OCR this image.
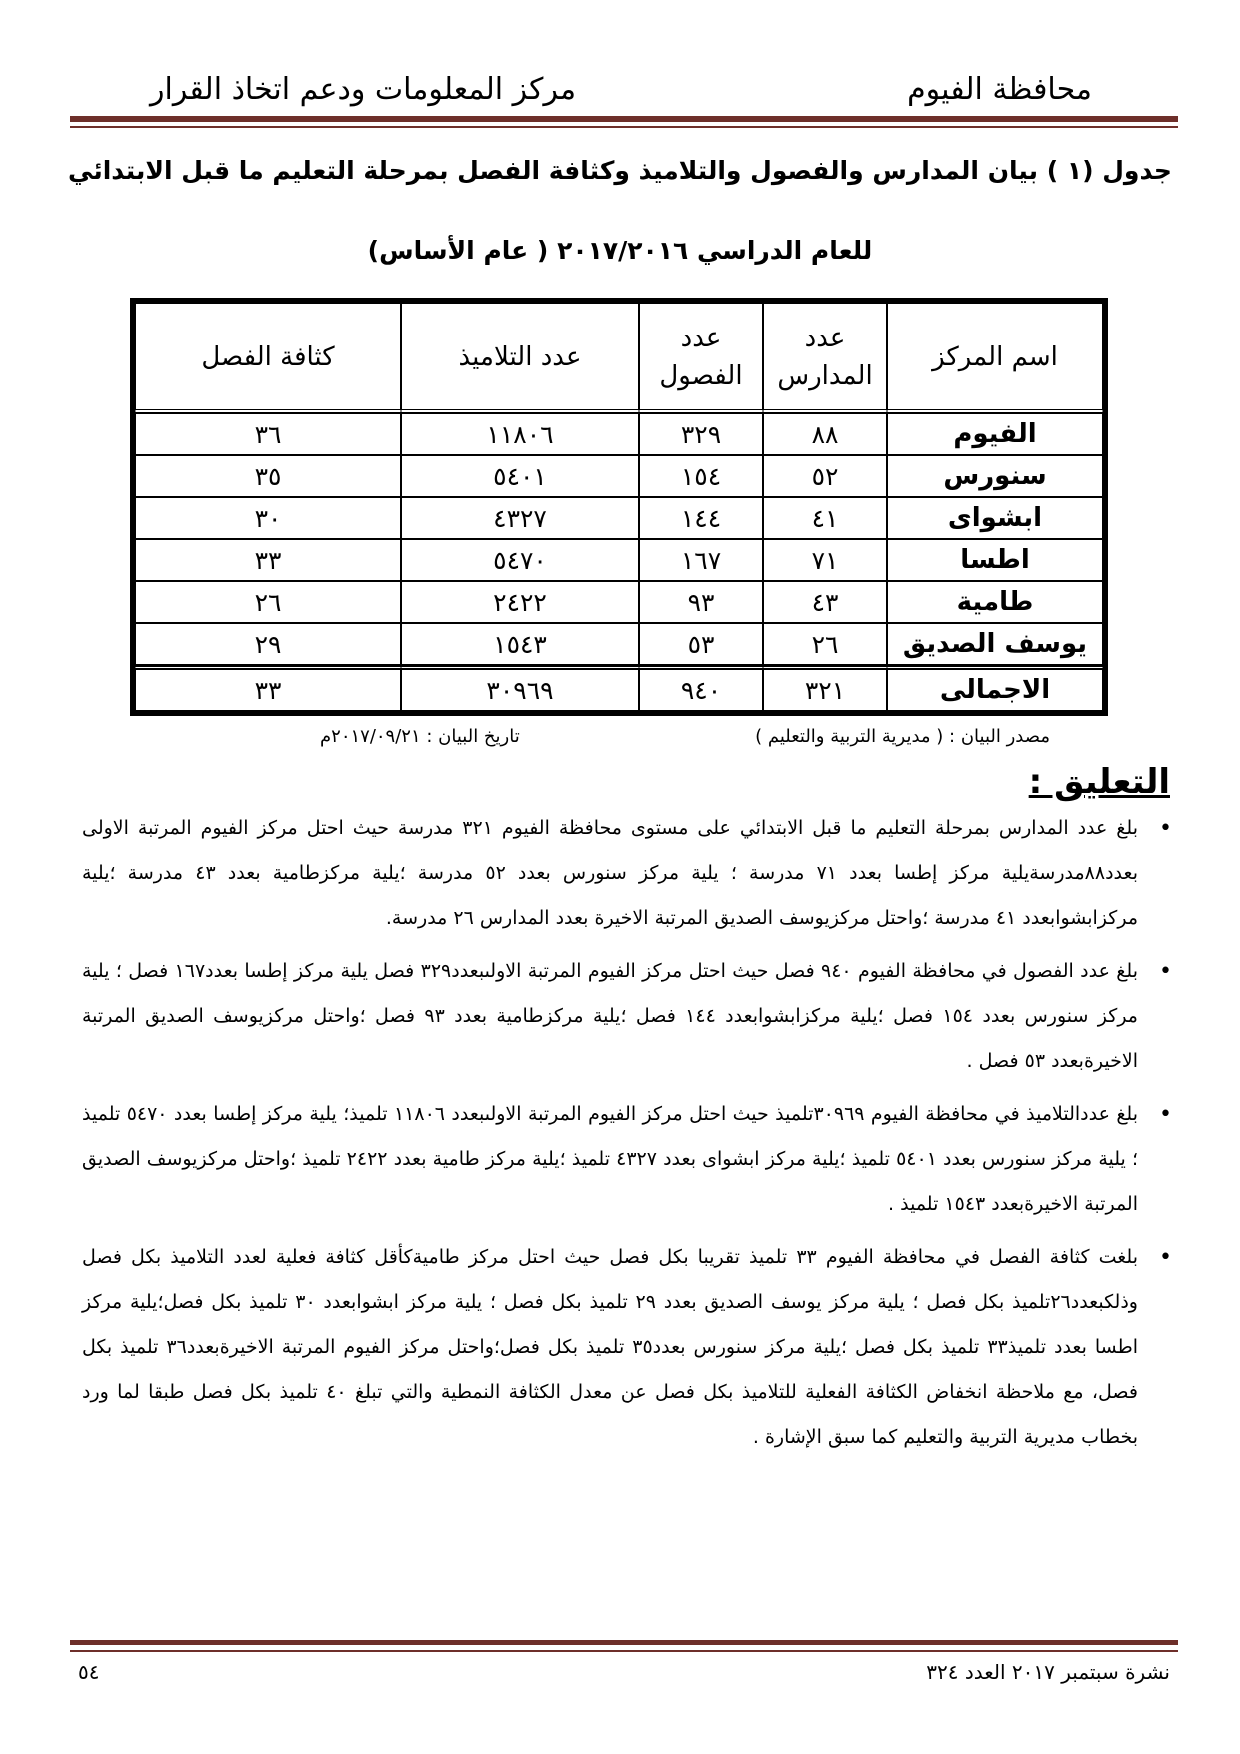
محافظة الفيوم
مركز المعلومات ودعم اتخاذ القرار
جدول (١ ) بيان المدارس والفصول والتلاميذ وكثافة الفصل بمرحلة التعليم ما قبل الابتدائي
للعام الدراسي ٢٠١٧/٢٠١٦ ( عام الأساس)
اسم المركز	عدد المدارس	عدد الفصول	عدد التلاميذ	كثافة الفصل
الفيوم	٨٨	٣٢٩	١١٨٠٦	٣٦
سنورس	٥٢	١٥٤	٥٤٠١	٣٥
ابشواى	٤١	١٤٤	٤٣٢٧	٣٠
اطسا	٧١	١٦٧	٥٤٧٠	٣٣
طامية	٤٣	٩٣	٢٤٢٢	٢٦
يوسف الصديق	٢٦	٥٣	١٥٤٣	٢٩
الاجمالى	٣٢١	٩٤٠	٣٠٩٦٩	٣٣
مصدر البيان : ( مديرية التربية والتعليم )
تاريخ البيان : ٢٠١٧/٠٩/٢١م
التعليق :
• بلغ عدد المدارس بمرحلة التعليم ما قبل الابتدائي على مستوى محافظة الفيوم ٣٢١ مدرسة حيث احتل مركز الفيوم المرتبة الاولى بعدد٨٨مدرسةيلية مركز إطسا بعدد ٧١ مدرسة ؛ يلية مركز سنورس بعدد ٥٢ مدرسة ؛يلية مركزطامية بعدد ٤٣ مدرسة ؛يلية مركزابشوابعدد ٤١ مدرسة ؛واحتل مركزيوسف الصديق المرتبة الاخيرة بعدد المدارس ٢٦ مدرسة.
• بلغ عدد الفصول في محافظة الفيوم ٩٤٠ فصل حيث احتل مركز الفيوم المرتبة الاولىبعدد٣٢٩ فصل يلية مركز إطسا بعدد١٦٧ فصل ؛ يلية مركز سنورس بعدد ١٥٤ فصل ؛يلية مركزابشوابعدد ١٤٤ فصل ؛يلية مركزطامية بعدد ٩٣ فصل ؛واحتل مركزيوسف الصديق المرتبة الاخيرةبعدد ٥٣ فصل .
• بلغ عددالتلاميذ في محافظة الفيوم ٣٠٩٦٩تلميذ حيث احتل مركز الفيوم المرتبة الاولىبعدد ١١٨٠٦ تلميذ؛ يلية مركز إطسا بعدد ٥٤٧٠ تلميذ ؛ يلية مركز سنورس بعدد ٥٤٠١ تلميذ ؛يلية مركز ابشواى بعدد ٤٣٢٧ تلميذ ؛يلية مركز طامية بعدد ٢٤٢٢ تلميذ ؛واحتل مركزيوسف الصديق المرتبة الاخيرةبعدد ١٥٤٣ تلميذ .
• بلغت كثافة الفصل في محافظة الفيوم ٣٣ تلميذ تقريبا بكل فصل حيث احتل مركز طاميةكأقل كثافة فعلية لعدد التلاميذ بكل فصل وذلكبعدد٢٦تلميذ بكل فصل ؛ يلية مركز يوسف الصديق بعدد ٢٩ تلميذ بكل فصل ؛ يلية مركز ابشوابعدد ٣٠ تلميذ بكل فصل؛يلية مركز اطسا بعدد تلميذ٣٣ تلميذ بكل فصل ؛يلية مركز سنورس بعدد٣٥ تلميذ بكل فصل؛واحتل مركز الفيوم المرتبة الاخيرةبعدد٣٦ تلميذ بكل فصل، مع ملاحظة انخفاض الكثافة الفعلية للتلاميذ بكل فصل عن معدل الكثافة النمطية والتي تبلغ ٤٠ تلميذ بكل فصل طبقا لما ورد بخطاب مديرية التربية والتعليم كما سبق الإشارة .
نشرة سبتمبر ٢٠١٧ العدد ٣٢٤
٥٤
